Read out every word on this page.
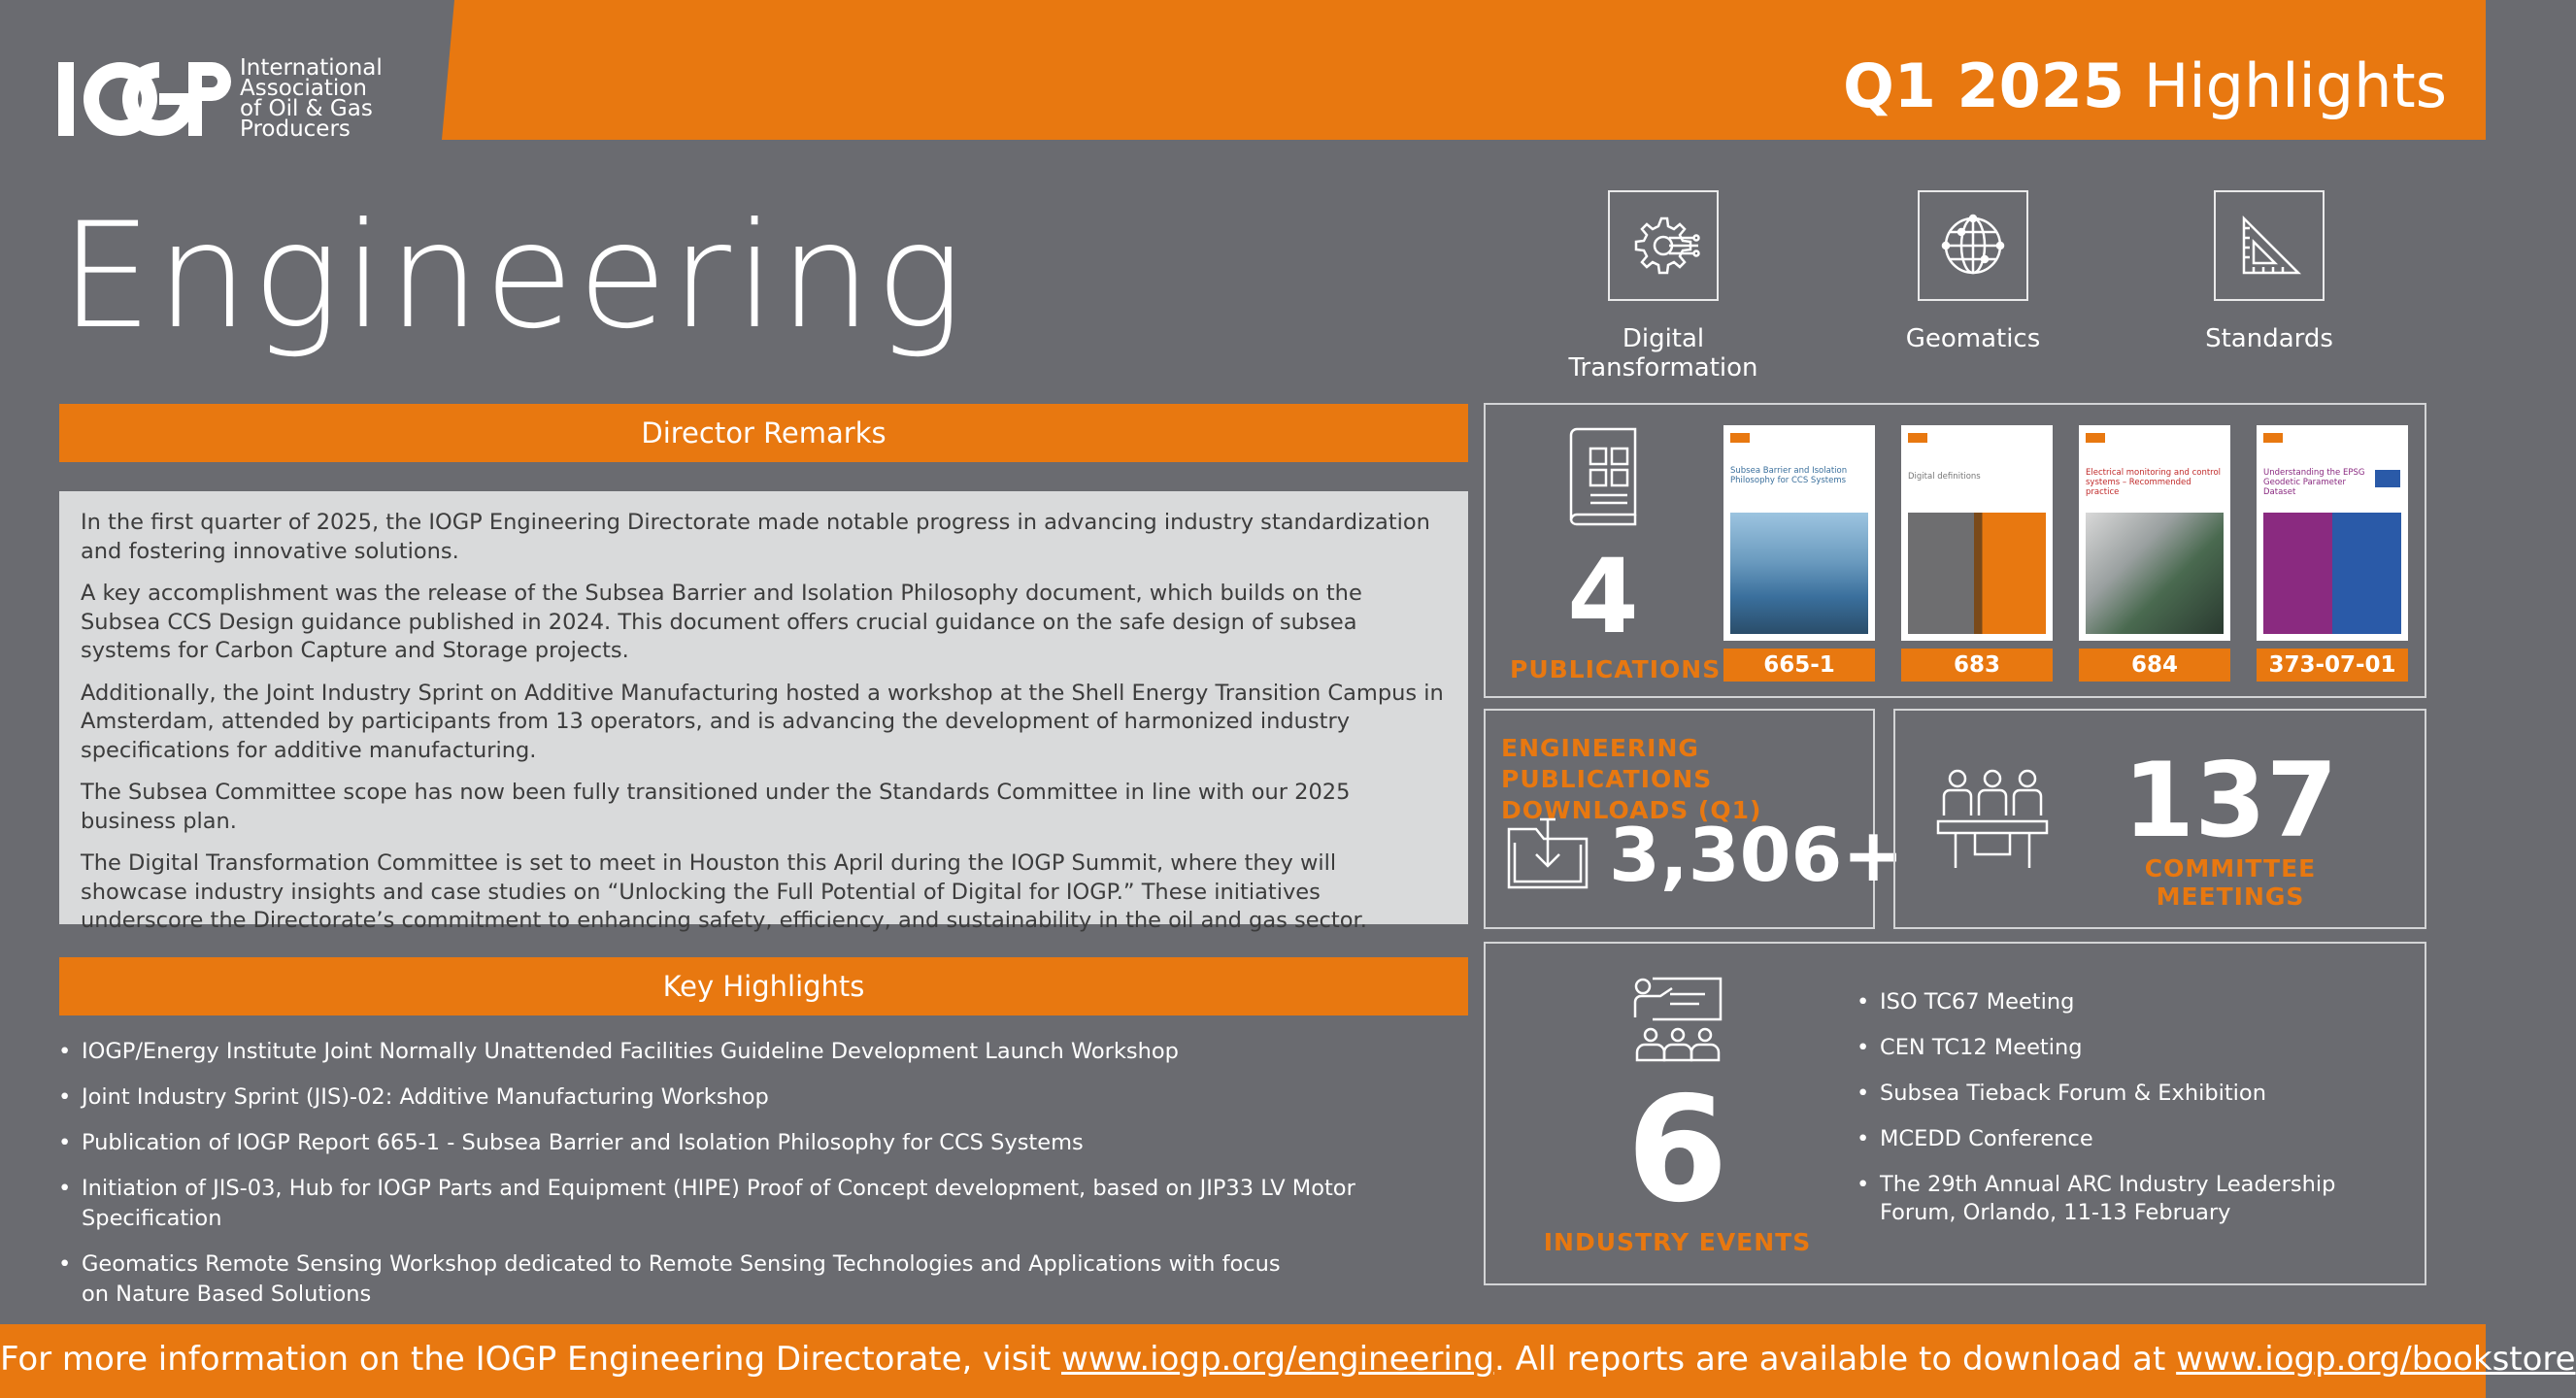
Q1 2025 Highlights
International
Association
of Oil & Gas
Producers
Engineering	Digital Transformation
Geomatics	Standards
Director Remarks

In the first quarter of 2025, the IOGP Engineering Directorate made notable progress in advancing industry standardization and fostering innovative solutions.

A key accomplishment was the release of the Subsea Barrier and Isolation Philosophy document, which builds on the Subsea CCS Design guidance published in 2024. This document offers crucial guidance on the safe design of subsea systems for Carbon Capture and Storage projects.

Additionally, the Joint Industry Sprint on Additive Manufacturing hosted a workshop at the Shell Energy Transition Campus in Amsterdam, attended by participants from 13 operators, and is advancing the development of harmonized industry specifications for additive manufacturing.

The Subsea Committee scope has now been fully transitioned under the Standards Committee in line with our 2025 business plan.

The Digital Transformation Committee is set to meet in Houston this April during the IOGP Summit, where they will showcase industry insights and case studies on “Unlocking the Full Potential of Digital for IOGP.” These initiatives underscore the Directorate’s commitment to enhancing safety, efficiency, and sustainability in the oil and gas sector.

Key Highlights
• IOGP/Energy Institute Joint Normally Unattended Facilities Guideline Development Launch Workshop
• Joint Industry Sprint (JIS)-02: Additive Manufacturing Workshop
• Publication of IOGP Report 665-1 - Subsea Barrier and Isolation Philosophy for CCS Systems
• Initiation of JIS-03, Hub for IOGP Parts and Equipment (HIPE) Proof of Concept development, based on JIP33 LV Motor Specification
• Geomatics Remote Sensing Workshop dedicated to Remote Sensing Technologies and Applications with focus on Nature Based Solutions
4
PUBLICATIONS
Subsea Barrier and Isolation Philosophy for CCS Systems	Digital definitions	Electrical monitoring and control systems – Recommended practice
Understanding the EPSG Geodetic Parameter Dataset
665-1	683	684	373-07-01
ENGINEERING PUBLICATIONS
DOWNLOADS (Q1)
3,306+	137
COMMITTEE MEETINGS
6
INDUSTRY EVENTS
• ISO TC67 Meeting
• CEN TC12 Meeting
• Subsea Tieback Forum & Exhibition
• MCEDD Conference
• The 29th Annual ARC Industry Leadership Forum, Orlando, 11-13 February
For more information on the IOGP Engineering Directorate, visit www.iogp.org/engineering. All reports are available to download at www.iogp.org/bookstore
